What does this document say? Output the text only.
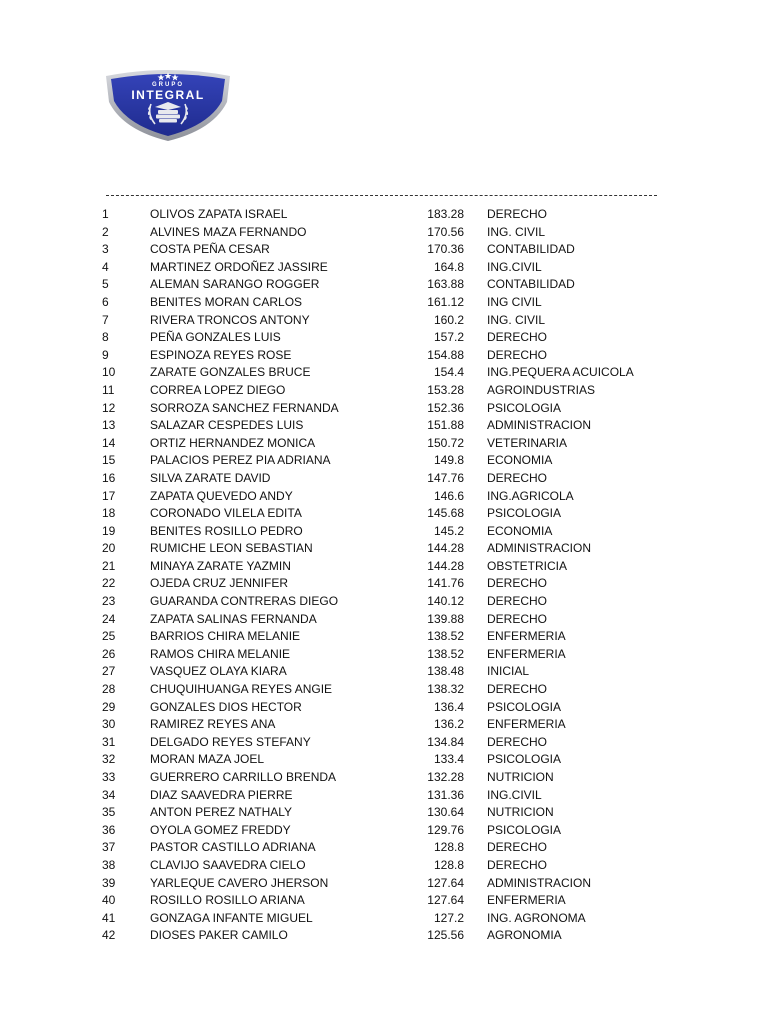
GRUPO
INTEGRAL
1	OLIVOS ZAPATA ISRAEL	183.28 DERECHO
2	ALVINES MAZA FERNANDO	170.56 ING. CIVIL
3	COSTA PEÑA CESAR	170.36 CONTABILIDAD
4	MARTINEZ ORDOÑEZ JASSIRE	164.8 ING.CIVIL
5	ALEMAN SARANGO ROGGER	163.88 CONTABILIDAD
6	BENITES MORAN CARLOS	161.12 ING CIVIL
7	RIVERA TRONCOS ANTONY	160.2 ING. CIVIL
8	PEÑA GONZALES LUIS	157.2 DERECHO
9	ESPINOZA REYES ROSE	154.88 DERECHO
10	ZARATE GONZALES BRUCE	154.4 ING.PEQUERA ACUICOLA
11	CORREA LOPEZ DIEGO	153.28 AGROINDUSTRIAS
12	SORROZA SANCHEZ FERNANDA	152.36 PSICOLOGIA
13	SALAZAR CESPEDES LUIS	151.88 ADMINISTRACION
14	ORTIZ HERNANDEZ MONICA	150.72 VETERINARIA
15	PALACIOS PEREZ PIA ADRIANA	149.8 ECONOMIA
16	SILVA ZARATE DAVID	147.76 DERECHO
17	ZAPATA QUEVEDO ANDY	146.6 ING.AGRICOLA
18	CORONADO VILELA EDITA	145.68 PSICOLOGIA
19	BENITES ROSILLO PEDRO	145.2 ECONOMIA
20	RUMICHE LEON SEBASTIAN	144.28 ADMINISTRACION
21	MINAYA ZARATE YAZMIN	144.28 OBSTETRICIA
22	OJEDA CRUZ JENNIFER	141.76 DERECHO
23	GUARANDA CONTRERAS DIEGO	140.12 DERECHO
24	ZAPATA SALINAS FERNANDA	139.88 DERECHO
25	BARRIOS CHIRA MELANIE	138.52 ENFERMERIA
26	RAMOS CHIRA MELANIE	138.52 ENFERMERIA
27	VASQUEZ OLAYA KIARA	138.48 INICIAL
28	CHUQUIHUANGA REYES ANGIE	138.32 DERECHO
29	GONZALES DIOS HECTOR	136.4 PSICOLOGIA
30	RAMIREZ REYES ANA	136.2 ENFERMERIA
31	DELGADO REYES STEFANY	134.84 DERECHO
32	MORAN MAZA JOEL	133.4 PSICOLOGIA
33	GUERRERO CARRILLO BRENDA	132.28 NUTRICION
34	DIAZ SAAVEDRA PIERRE	131.36 ING.CIVIL
35	ANTON PEREZ NATHALY	130.64 NUTRICION
36	OYOLA GOMEZ FREDDY	129.76 PSICOLOGIA
37	PASTOR CASTILLO ADRIANA	128.8 DERECHO
38	CLAVIJO SAAVEDRA CIELO	128.8 DERECHO
39	YARLEQUE CAVERO JHERSON	127.64 ADMINISTRACION
40	ROSILLO ROSILLO ARIANA	127.64 ENFERMERIA
41	GONZAGA INFANTE MIGUEL	127.2 ING. AGRONOMA
42	DIOSES PAKER CAMILO	125.56 AGRONOMIA
